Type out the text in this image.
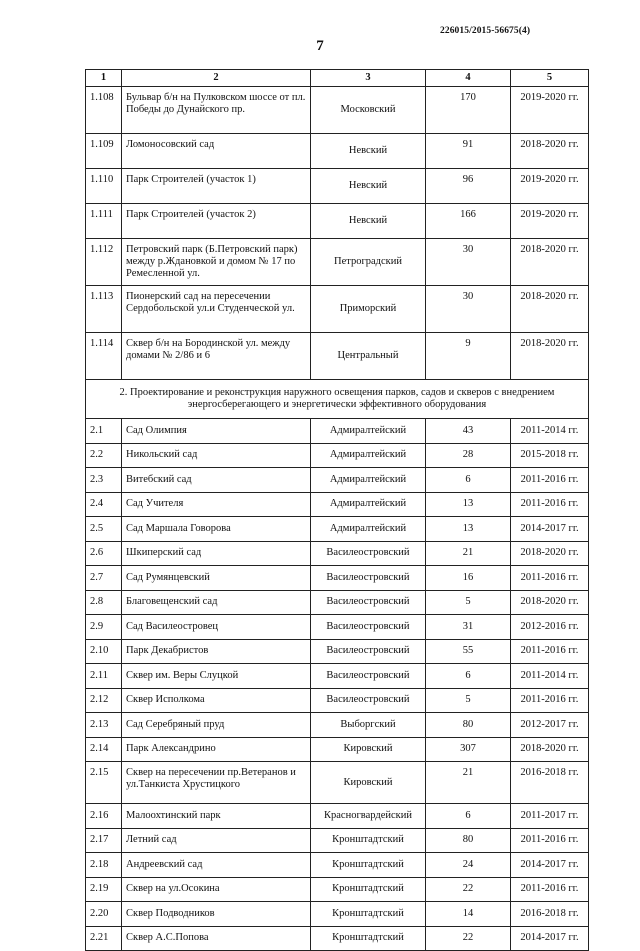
226015/2015-56675(4)
7
1	2	3	4	5
1.108	Бульвар б/н на Пулковском шоссе от пл. Победы до Дунайского пр.	Московский	170	2019-2020 гг.
1.109	Ломоносовский сад	Невский	91	2018-2020 гг.
1.110	Парк Строителей (участок 1)	Невский	96	2019-2020 гг.
1.111	Парк Строителей (участок 2)	Невский	166	2019-2020 гг.
1.112	Петровский парк (Б.Петровский парк) между р.Ждановкой и домом № 17 по Ремесленной ул.	Петроградский	30	2018-2020 гг.
1.113	Пионерский сад на пересечении Сердобольской ул.и Студенческой ул.	Приморский	30	2018-2020 гг.
1.114	Сквер б/н на Бородинской ул. между домами № 2/86 и 6	Центральный	9	2018-2020 гг.
2. Проектирование и реконструкция наружного освещения парков, садов и скверов с внедрением энергосберегающего и энергетически эффективного оборудования				
2.1	Сад Олимпия	Адмиралтейский	43	2011-2014 гг.
2.2	Никольский сад	Адмиралтейский	28	2015-2018 гг.
2.3	Витебский сад	Адмиралтейский	6	2011-2016 гг.
2.4	Сад Учителя	Адмиралтейский	13	2011-2016 гг.
2.5	Сад Маршала Говорова	Адмиралтейский	13	2014-2017 гг.
2.6	Шкиперский сад	Василеостровский	21	2018-2020 гг.
2.7	Сад Румянцевский	Василеостровский	16	2011-2016 гг.
2.8	Благовещенский сад	Василеостровский	5	2018-2020 гг.
2.9	Сад Василеостровец	Василеостровский	31	2012-2016 гг.
2.10	Парк Декабристов	Василеостровский	55	2011-2016 гг.
2.11	Сквер им. Веры Слуцкой	Василеостровский	6	2011-2014 гг.
2.12	Сквер Исполкома	Василеостровский	5	2011-2016 гг.
2.13	Сад Серебряный пруд	Выборгский	80	2012-2017 гг.
2.14	Парк Александрино	Кировский	307	2018-2020 гг.
2.15	Сквер на пересечении пр.Ветеранов и ул.Танкиста Хрустицкого	Кировский	21	2016-2018 гг.
2.16	Малоохтинский парк	Красногвардейский	6	2011-2017 гг.
2.17	Летний сад	Кронштадтский	80	2011-2016 гг.
2.18	Андреевский сад	Кронштадтский	24	2014-2017 гг.
2.19	Сквер на ул.Осокина	Кронштадтский	22	2011-2016 гг.
2.20	Сквер Подводников	Кронштадтский	14	2016-2018 гг.
2.21	Сквер А.С.Попова	Кронштадтский	22	2014-2017 гг.
